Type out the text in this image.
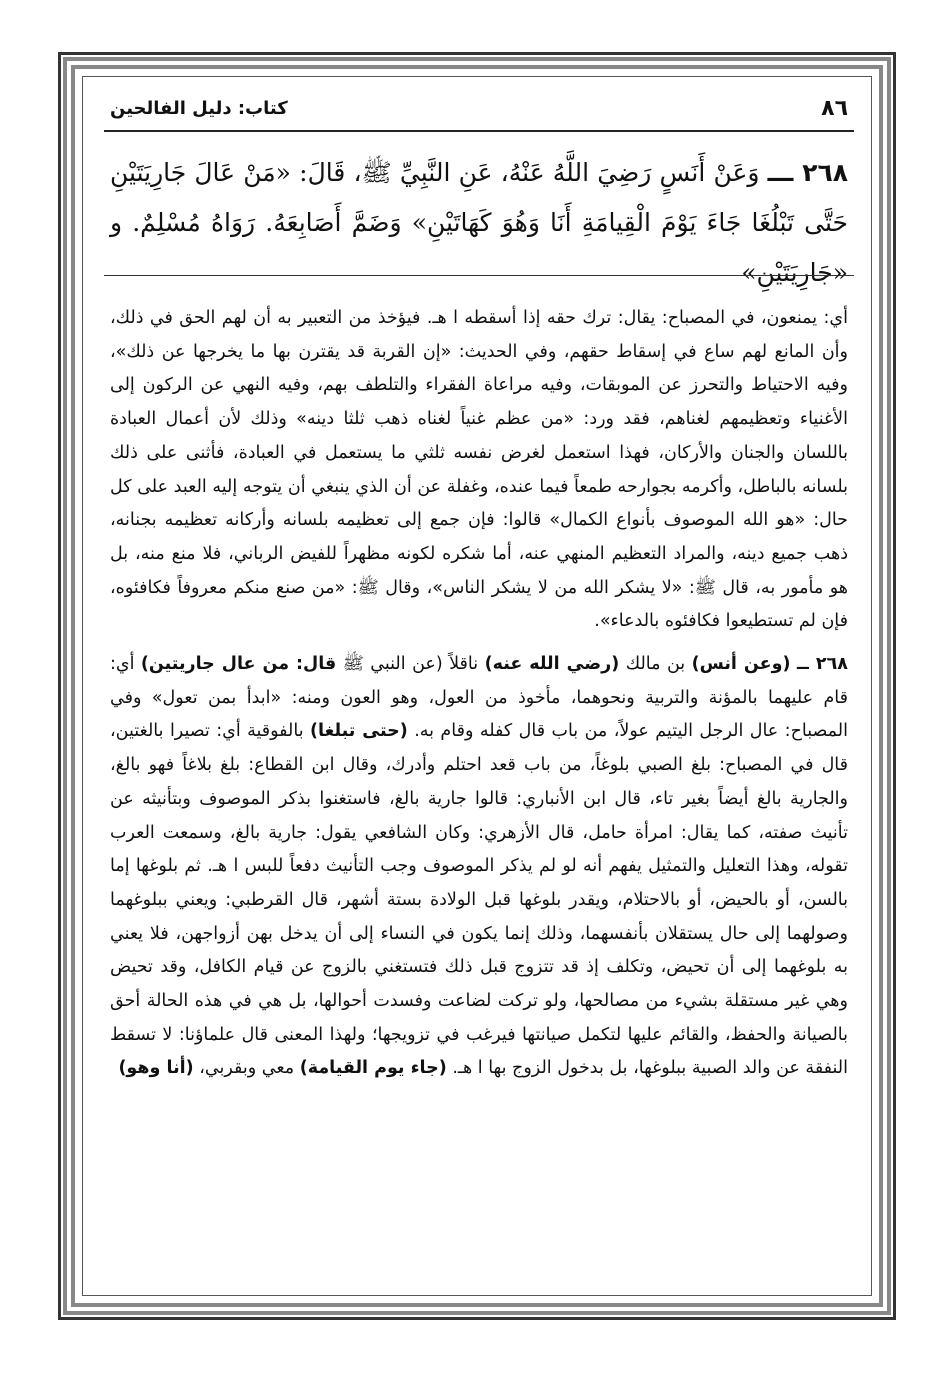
٨٦
كتاب: دليل الفالحين
٢٦٨ ـــ وَعَنْ أَنَسٍ رَضِيَ اللَّهُ عَنْهُ، عَنِ النَّبِيِّ ﷺ، قَالَ: «مَنْ عَالَ جَارِيَتَيْنِ حَتَّى تَبْلُغَا جَاءَ يَوْمَ الْقِيامَةِ أَنَا وَهُوَ كَهَاتَيْنِ» وَضَمَّ أَصَابِعَهُ. رَوَاهُ مُسْلِمٌ. و «جَارِيَتَيْنِ»

أي: يمنعون، في المصباح: يقال: ترك حقه إذا أسقطه ا هـ. فيؤخذ من التعبير به أن لهم الحق في ذلك، وأن المانع لهم ساع في إسقاط حقهم، وفي الحديث: «إن القربة قد يقترن بها ما يخرجها عن ذلك»، وفيه الاحتياط والتحرز عن الموبقات، وفيه مراعاة الفقراء والتلطف بهم، وفيه النهي عن الركون إلى الأغنياء وتعظيمهم لغناهم، فقد ورد: «من عظم غنياً لغناه ذهب ثلثا دينه» وذلك لأن أعمال العبادة باللسان والجنان والأركان، فهذا استعمل لغرض نفسه ثلثي ما يستعمل في العبادة، فأثنى على ذلك بلسانه بالباطل، وأكرمه بجوارحه طمعاً فيما عنده، وغفلة عن أن الذي ينبغي أن يتوجه إليه العبد على كل حال: «هو الله الموصوف بأنواع الكمال» قالوا: فإن جمع إلى تعظيمه بلسانه وأركانه تعظيمه بجنانه، ذهب جميع دينه، والمراد التعظيم المنهي عنه، أما شكره لكونه مظهراً للفيض الرباني، فلا منع منه، بل هو مأمور به، قال ﷺ: «لا يشكر الله من لا يشكر الناس»، وقال ﷺ: «من صنع منكم معروفاً فكافئوه، فإن لم تستطيعوا فكافئوه بالدعاء».

٢٦٨ ــ (وعن أنس) بن مالك (رضي الله عنه) ناقلاً (عن النبي ﷺ قال: من عال جاريتين) أي: قام عليهما بالمؤنة والتربية ونحوهما، مأخوذ من العول، وهو العون ومنه: «ابدأ بمن تعول» وفي المصباح: عال الرجل اليتيم عولاً، من باب قال كفله وقام به. (حتى تبلغا) بالفوقية أي: تصيرا بالغتين، قال في المصباح: بلغ الصبي بلوغاً، من باب قعد احتلم وأدرك، وقال ابن القطاع: بلغ بلاغاً فهو بالغ، والجارية بالغ أيضاً بغير تاء، قال ابن الأنباري: قالوا جارية بالغ، فاستغنوا بذكر الموصوف وبتأنيثه عن تأنيث صفته، كما يقال: امرأة حامل، قال الأزهري: وكان الشافعي يقول: جارية بالغ، وسمعت العرب تقوله، وهذا التعليل والتمثيل يفهم أنه لو لم يذكر الموصوف وجب التأنيث دفعاً للبس ا هـ. ثم بلوغها إما بالسن، أو بالحيض، أو بالاحتلام، ويقدر بلوغها قبل الولادة بستة أشهر، قال القرطبي: ويعني ببلوغهما وصولهما إلى حال يستقلان بأنفسهما، وذلك إنما يكون في النساء إلى أن يدخل بهن أزواجهن، فلا يعني به بلوغهما إلى أن تحيض، وتكلف إذ قد تتزوج قبل ذلك فتستغني بالزوج عن قيام الكافل، وقد تحيض وهي غير مستقلة بشيء من مصالحها، ولو تركت لضاعت وفسدت أحوالها، بل هي في هذه الحالة أحق بالصيانة والحفظ، والقائم عليها لتكمل صيانتها فيرغب في تزويجها؛ ولهذا المعنى قال علماؤنا: لا تسقط النفقة عن والد الصبية ببلوغها، بل بدخول الزوج بها ا هـ. (جاء يوم القيامة) معي وبقربي، (أنا وهو)
